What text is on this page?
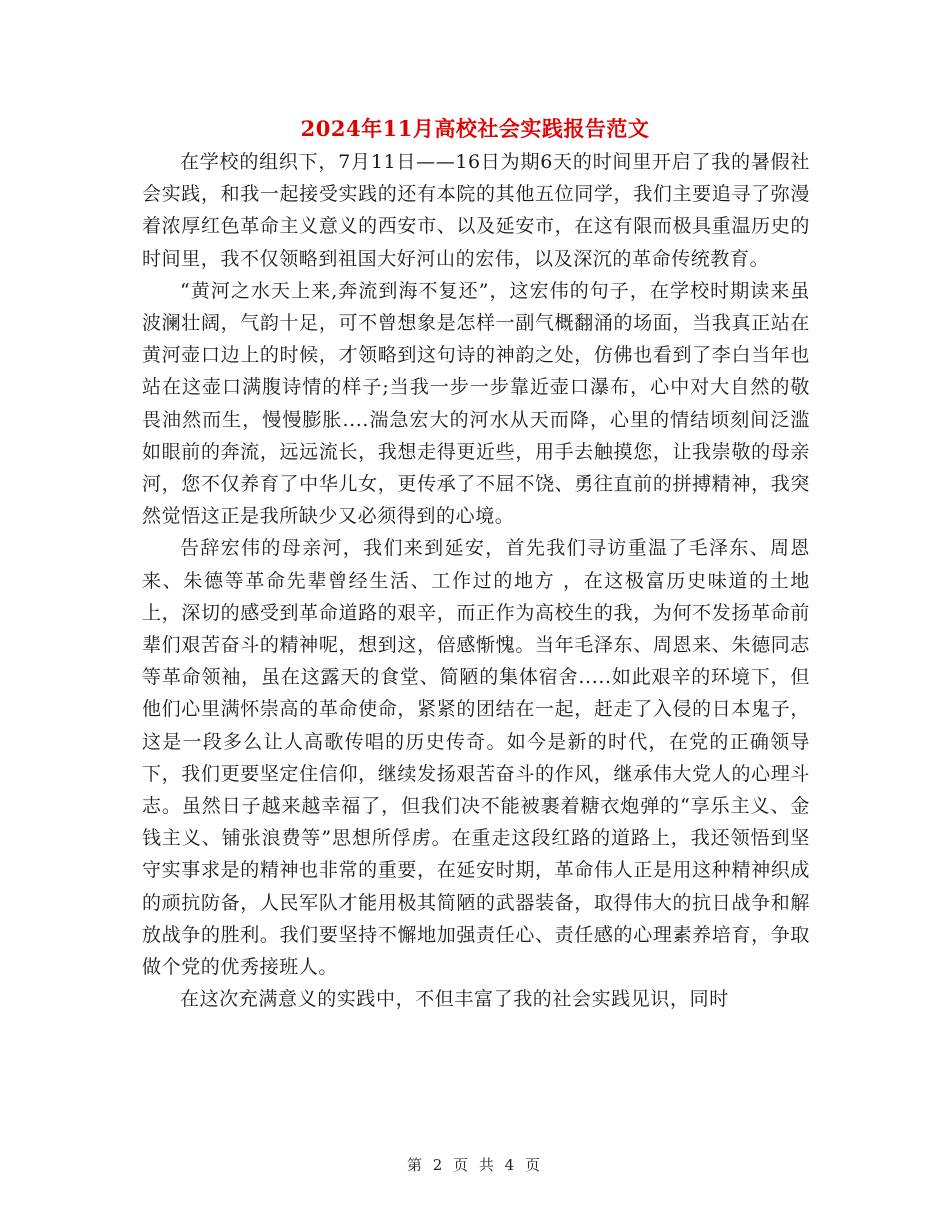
2024年11月高校社会实践报告范文

在学校的组织下，7月11日——16日为期6天的时间里开启了我的暑假社会实践，和我一起接受实践的还有本院的其他五位同学，我们主要追寻了弥漫着浓厚红色革命主义意义的西安市、以及延安市，在这有限而极具重温历史的时间里，我不仅领略到祖国大好河山的宏伟，以及深沉的革命传统教育。

“黄河之水天上来,奔流到海不复还”，这宏伟的句子，在学校时期读来虽波澜壮阔，气韵十足，可不曾想象是怎样一副气概翻涌的场面，当我真正站在黄河壶口边上的时候，才领略到这句诗的神韵之处，仿佛也看到了李白当年也站在这壶口满腹诗情的样子;当我一步一步靠近壶口瀑布，心中对大自然的敬畏油然而生，慢慢膨胀....湍急宏大的河水从天而降，心里的情结顷刻间泛滥如眼前的奔流，远远流长，我想走得更近些，用手去触摸您，让我崇敬的母亲河，您不仅养育了中华儿女，更传承了不屈不饶、勇往直前的拼搏精神，我突然觉悟这正是我所缺少又必须得到的心境。

告辞宏伟的母亲河，我们来到延安，首先我们寻访重温了毛泽东、周恩来、朱德等革命先辈曾经生活、工作过的地方 ，在这极富历史味道的土地上，深切的感受到革命道路的艰辛，而正作为高校生的我，为何不发扬革命前辈们艰苦奋斗的精神呢，想到这，倍感惭愧。当年毛泽东、周恩来、朱德同志等革命领袖，虽在这露天的食堂、简陋的集体宿舍.....如此艰辛的环境下，但他们心里满怀崇高的革命使命，紧紧的团结在一起，赶走了入侵的日本鬼子，这是一段多么让人高歌传唱的历史传奇。如今是新的时代，在党的正确领导下，我们更要坚定住信仰，继续发扬艰苦奋斗的作风，继承伟大党人的心理斗志。虽然日子越来越幸福了，但我们决不能被裹着糖衣炮弹的“享乐主义、金钱主义、铺张浪费等”思想所俘虏。在重走这段红路的道路上，我还领悟到坚守实事求是的精神也非常的重要，在延安时期，革命伟人正是用这种精神织成的顽抗防备，人民军队才能用极其简陋的武器装备，取得伟大的抗日战争和解放战争的胜利。我们要坚持不懈地加强责任心、责任感的心理素养培育，争取做个党的优秀接班人。

在这次充满意义的实践中，不但丰富了我的社会实践见识，同时

第 2 页 共 4 页
